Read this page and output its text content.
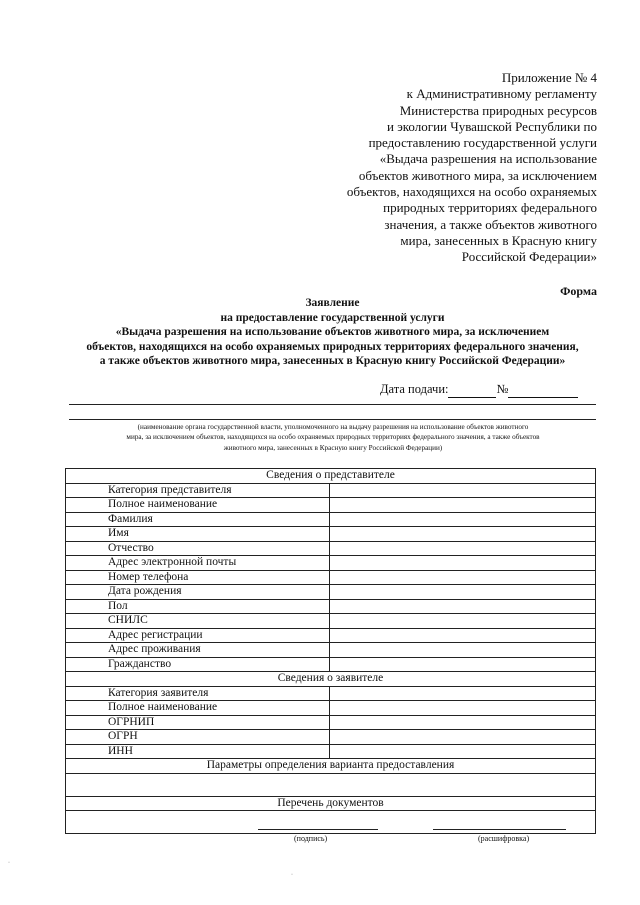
Приложение № 4
к Административному регламенту
Министерства природных ресурсов
и экологии Чувашской Республики по
предоставлению государственной услуги
«Выдача разрешения на использование
объектов животного мира, за исключением
объектов, находящихся на особо охраняемых
природных территориях федерального
значения, а также объектов животного
мира, занесенных в Красную книгу
Российской Федерации»
Форма
Заявление
на предоставление государственной услуги
«Выдача разрешения на использование объектов животного мира, за исключением
объектов, находящихся на особо охраняемых природных территориях федерального значения,
а также объектов животного мира, занесенных в Красную книгу Российской Федерации»
Дата подачи:	№
(наименование органа государственной власти, уполномоченного на выдачу разрешения на использование объектов животного
мира, за исключением объектов, находящихся на особо охраняемых природных территориях федерального значения, а также объектов
животного мира, занесенных в Красную книгу Российской Федерации)
Сведения о представителе	
Категория представителя	
Полное наименование	
Фамилия	
Имя	
Отчество	
Адрес электронной почты	
Номер телефона	
Дата рождения	
Пол	
СНИЛС	
Адрес регистрации	
Адрес проживания	
Гражданство	
Сведения о заявителе	
Категория заявителя	
Полное наименование	
ОГРНИП	
ОГРН	
ИНН	
Параметры определения варианта предоставления	

Перечень документов	

(подпись)	(расшифровка)
·
·
